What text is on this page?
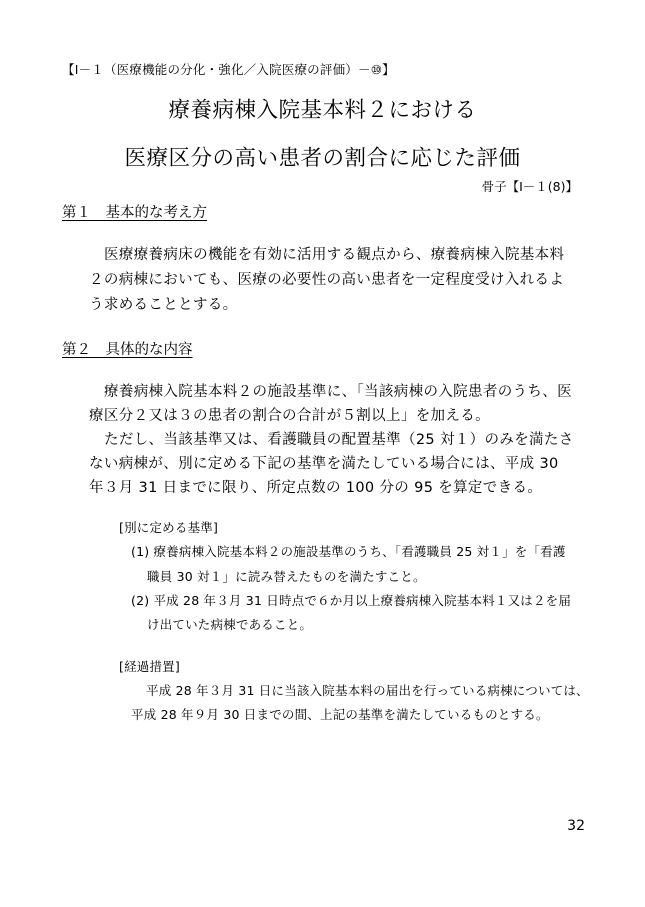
【Ⅰ－１（医療機能の分化・強化／入院医療の評価）－⑩】
療養病棟入院基本料２における
医療区分の高い患者の割合に応じた評価
骨子【Ⅰ－１(8)】
第１　基本的な考え方
医療療養病床の機能を有効に活用する観点から、療養病棟入院基本料
２の病棟においても、医療の必要性の高い患者を一定程度受け入れるよ
う求めることとする。
第２　具体的な内容
療養病棟入院基本料２の施設基準に、「当該病棟の入院患者のうち、医
療区分２又は３の患者の割合の合計が５割以上」を加える。
ただし、当該基準又は、看護職員の配置基準（25 対１）のみを満たさ
ない病棟が、別に定める下記の基準を満たしている場合には、平成 30
年３月 31 日までに限り、所定点数の 100 分の 95 を算定できる。
[別に定める基準]
(1) 療養病棟入院基本料２の施設基準のうち、「看護職員 25 対１」を「看護
職員 30 対１」に読み替えたものを満たすこと。
(2) 平成 28 年３月 31 日時点で６か月以上療養病棟入院基本料１又は２を届
け出ていた病棟であること。
[経過措置]
平成 28 年３月 31 日に当該入院基本料の届出を行っている病棟については、
平成 28 年９月 30 日までの間、上記の基準を満たしているものとする。
32
